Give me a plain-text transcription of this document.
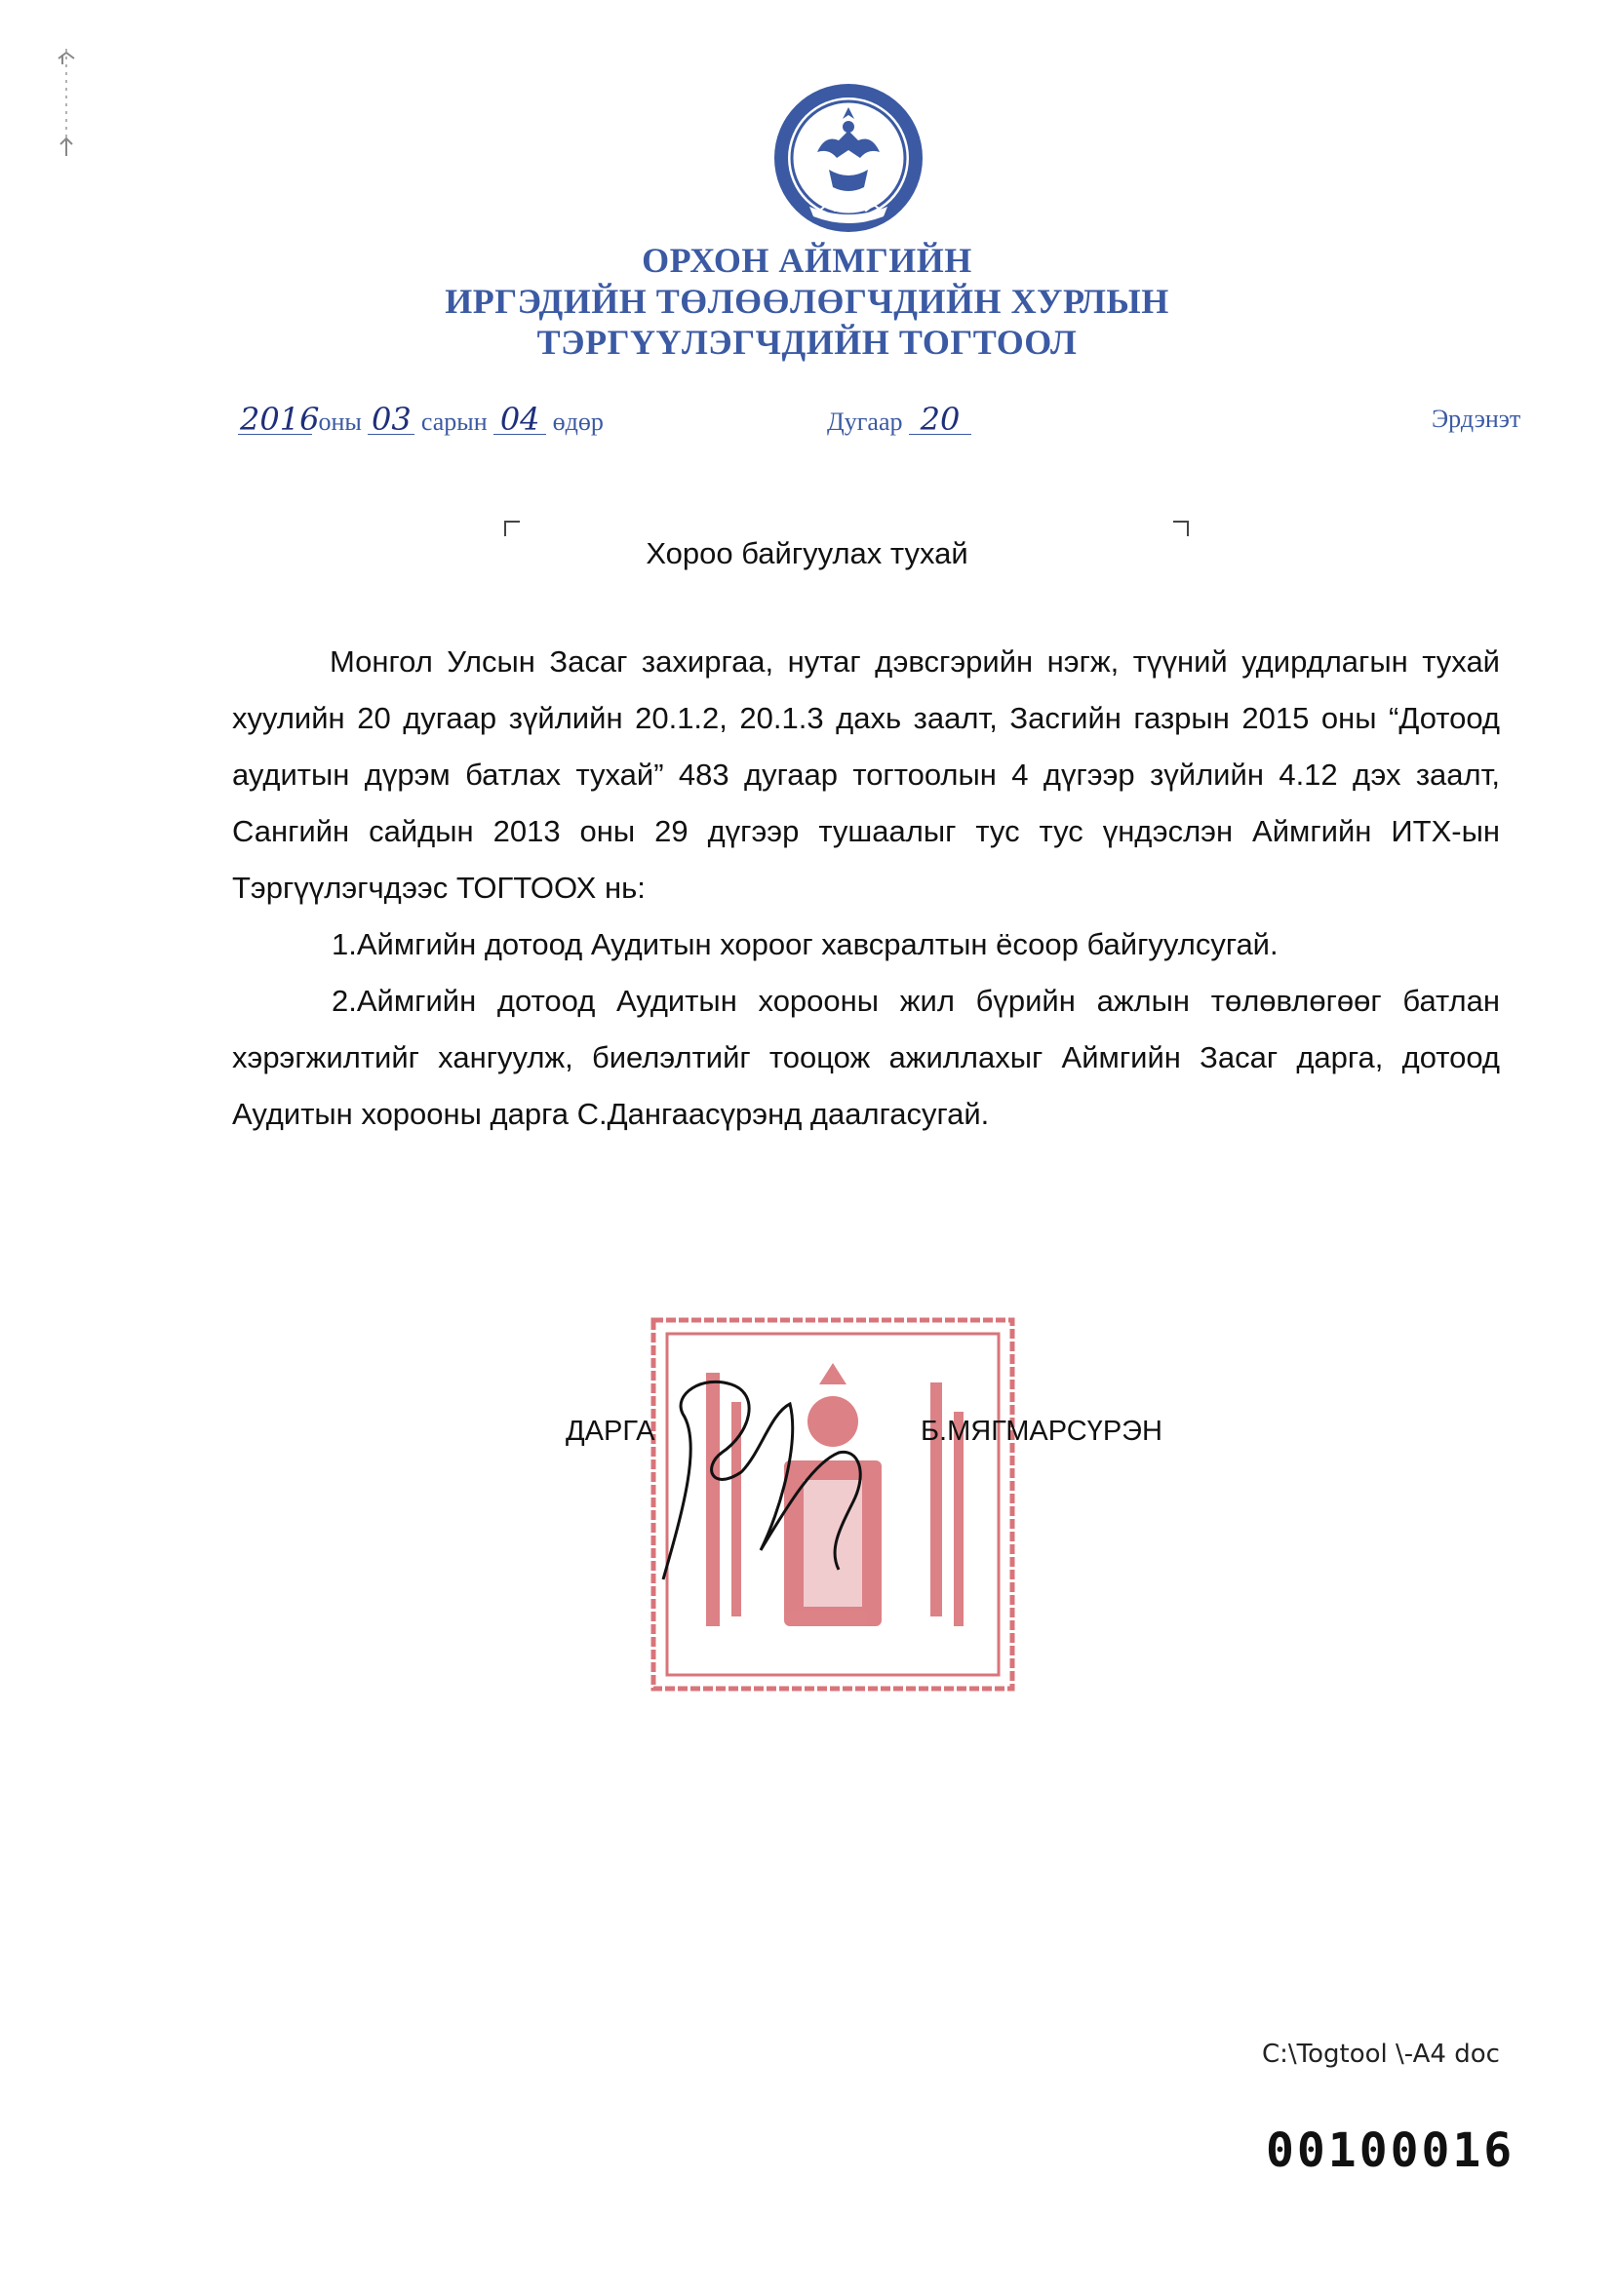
ОРХОН АЙМГИЙН
ИРГЭДИЙН ТӨЛӨӨЛӨГЧДИЙН ХУРЛЫН
ТЭРГҮҮЛЭГЧДИЙН ТОГТООЛ
2016 оны 03 сарын 04 өдөр	Дугаар 20	Эрдэнэт
Хороо байгуулах тухай

Монгол Улсын Засаг захиргаа, нутаг дэвсгэрийн нэгж, түүний удирдлагын тухай хуулийн 20 дугаар зүйлийн 20.1.2, 20.1.3 дахь заалт, Засгийн газрын 2015 оны “Дотоод аудитын дүрэм батлах тухай” 483 дугаар тогтоолын 4 дүгээр зүйлийн 4.12 дэх заалт, Сангийн сайдын 2013 оны 29 дүгээр тушаалыг тус тус үндэслэн Аймгийн ИТХ-ын Тэргүүлэгчдээс ТОГТООХ нь:

1.Аймгийн дотоод Аудитын хороог хавсралтын ёсоор байгуулсугай.

2.Аймгийн дотоод Аудитын хорооны жил бүрийн ажлын төлөвлөгөөг батлан хэрэгжилтийг хангуулж, биелэлтийг тооцож ажиллахыг Аймгийн Засаг дарга, дотоод Аудитын хорооны дарга С.Дангаасүрэнд даалгасугай.

ДАРГА	Б.МЯГМАРСҮРЭН
C:\Togtool \-A4 doc
00100016
